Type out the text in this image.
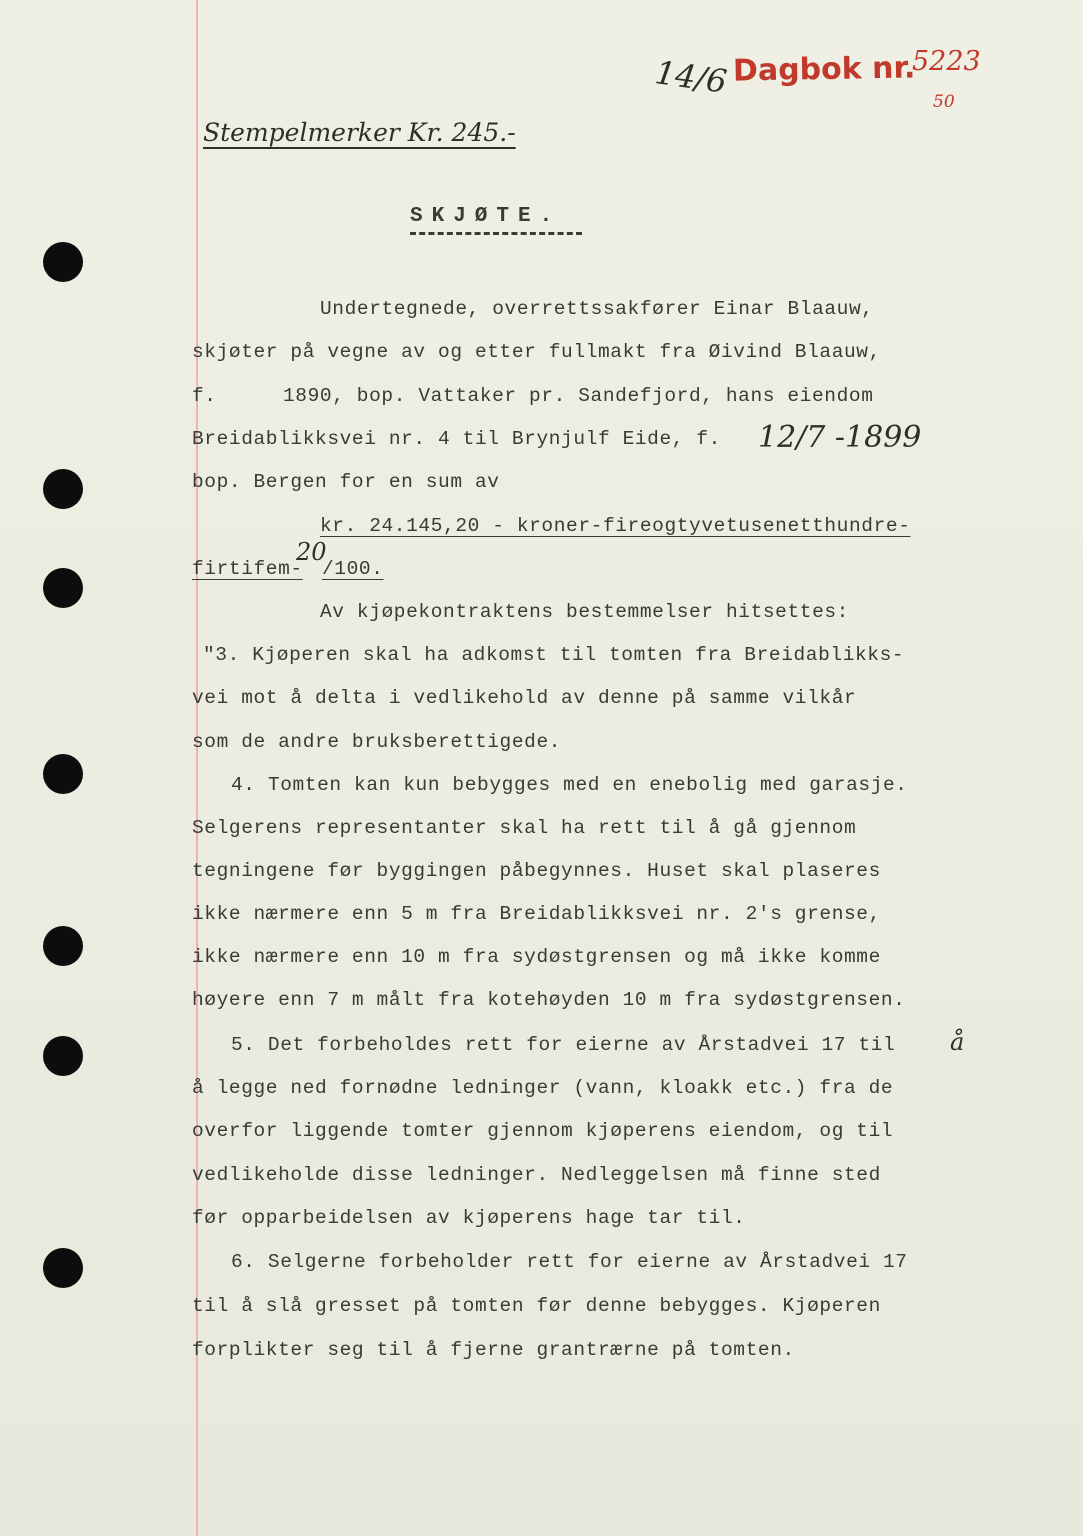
14/6 Dagbok nr.
5223
50
Stempelmerker Kr. 245.-
SKJØTE.
Undertegnede, overrettssakfører Einar Blaauw,
skjøter på vegne av og etter fullmakt fra Øivind Blaauw,
f.	1890, bop. Vattaker pr. Sandefjord, hans eiendom
Breidablikksvei nr. 4 til Brynjulf Eide, f. 12/7 -1899
bop. Bergen for en sum av
kr. 24.145,20 - kroner-fireogtyvetusenetthundre-
firtifem-
20
/100.
Av kjøpekontraktens bestemmelser hitsettes:
"3. Kjøperen skal ha adkomst til tomten fra Breidablikks-
vei mot å delta i vedlikehold av denne på samme vilkår
som de andre bruksberettigede.
4. Tomten kan kun bebygges med en enebolig med garasje.
Selgerens representanter skal ha rett til å gå gjennom
tegningene før byggingen påbegynnes. Huset skal plaseres
ikke nærmere enn 5 m fra Breidablikksvei nr. 2's grense,
ikke nærmere enn 10 m fra sydøstgrensen og må ikke komme
høyere enn 7 m målt fra kotehøyden 10 m fra sydøstgrensen.
5. Det forbeholdes rett for eierne av Årstadvei 17 til å
å legge ned fornødne ledninger (vann, kloakk etc.) fra de
overfor liggende tomter gjennom kjøperens eiendom, og til
vedlikeholde disse ledninger. Nedleggelsen må finne sted
før opparbeidelsen av kjøperens hage tar til.
6. Selgerne forbeholder rett for eierne av Årstadvei 17
til å slå gresset på tomten før denne bebygges. Kjøperen
forplikter seg til å fjerne grantrærne på tomten.
